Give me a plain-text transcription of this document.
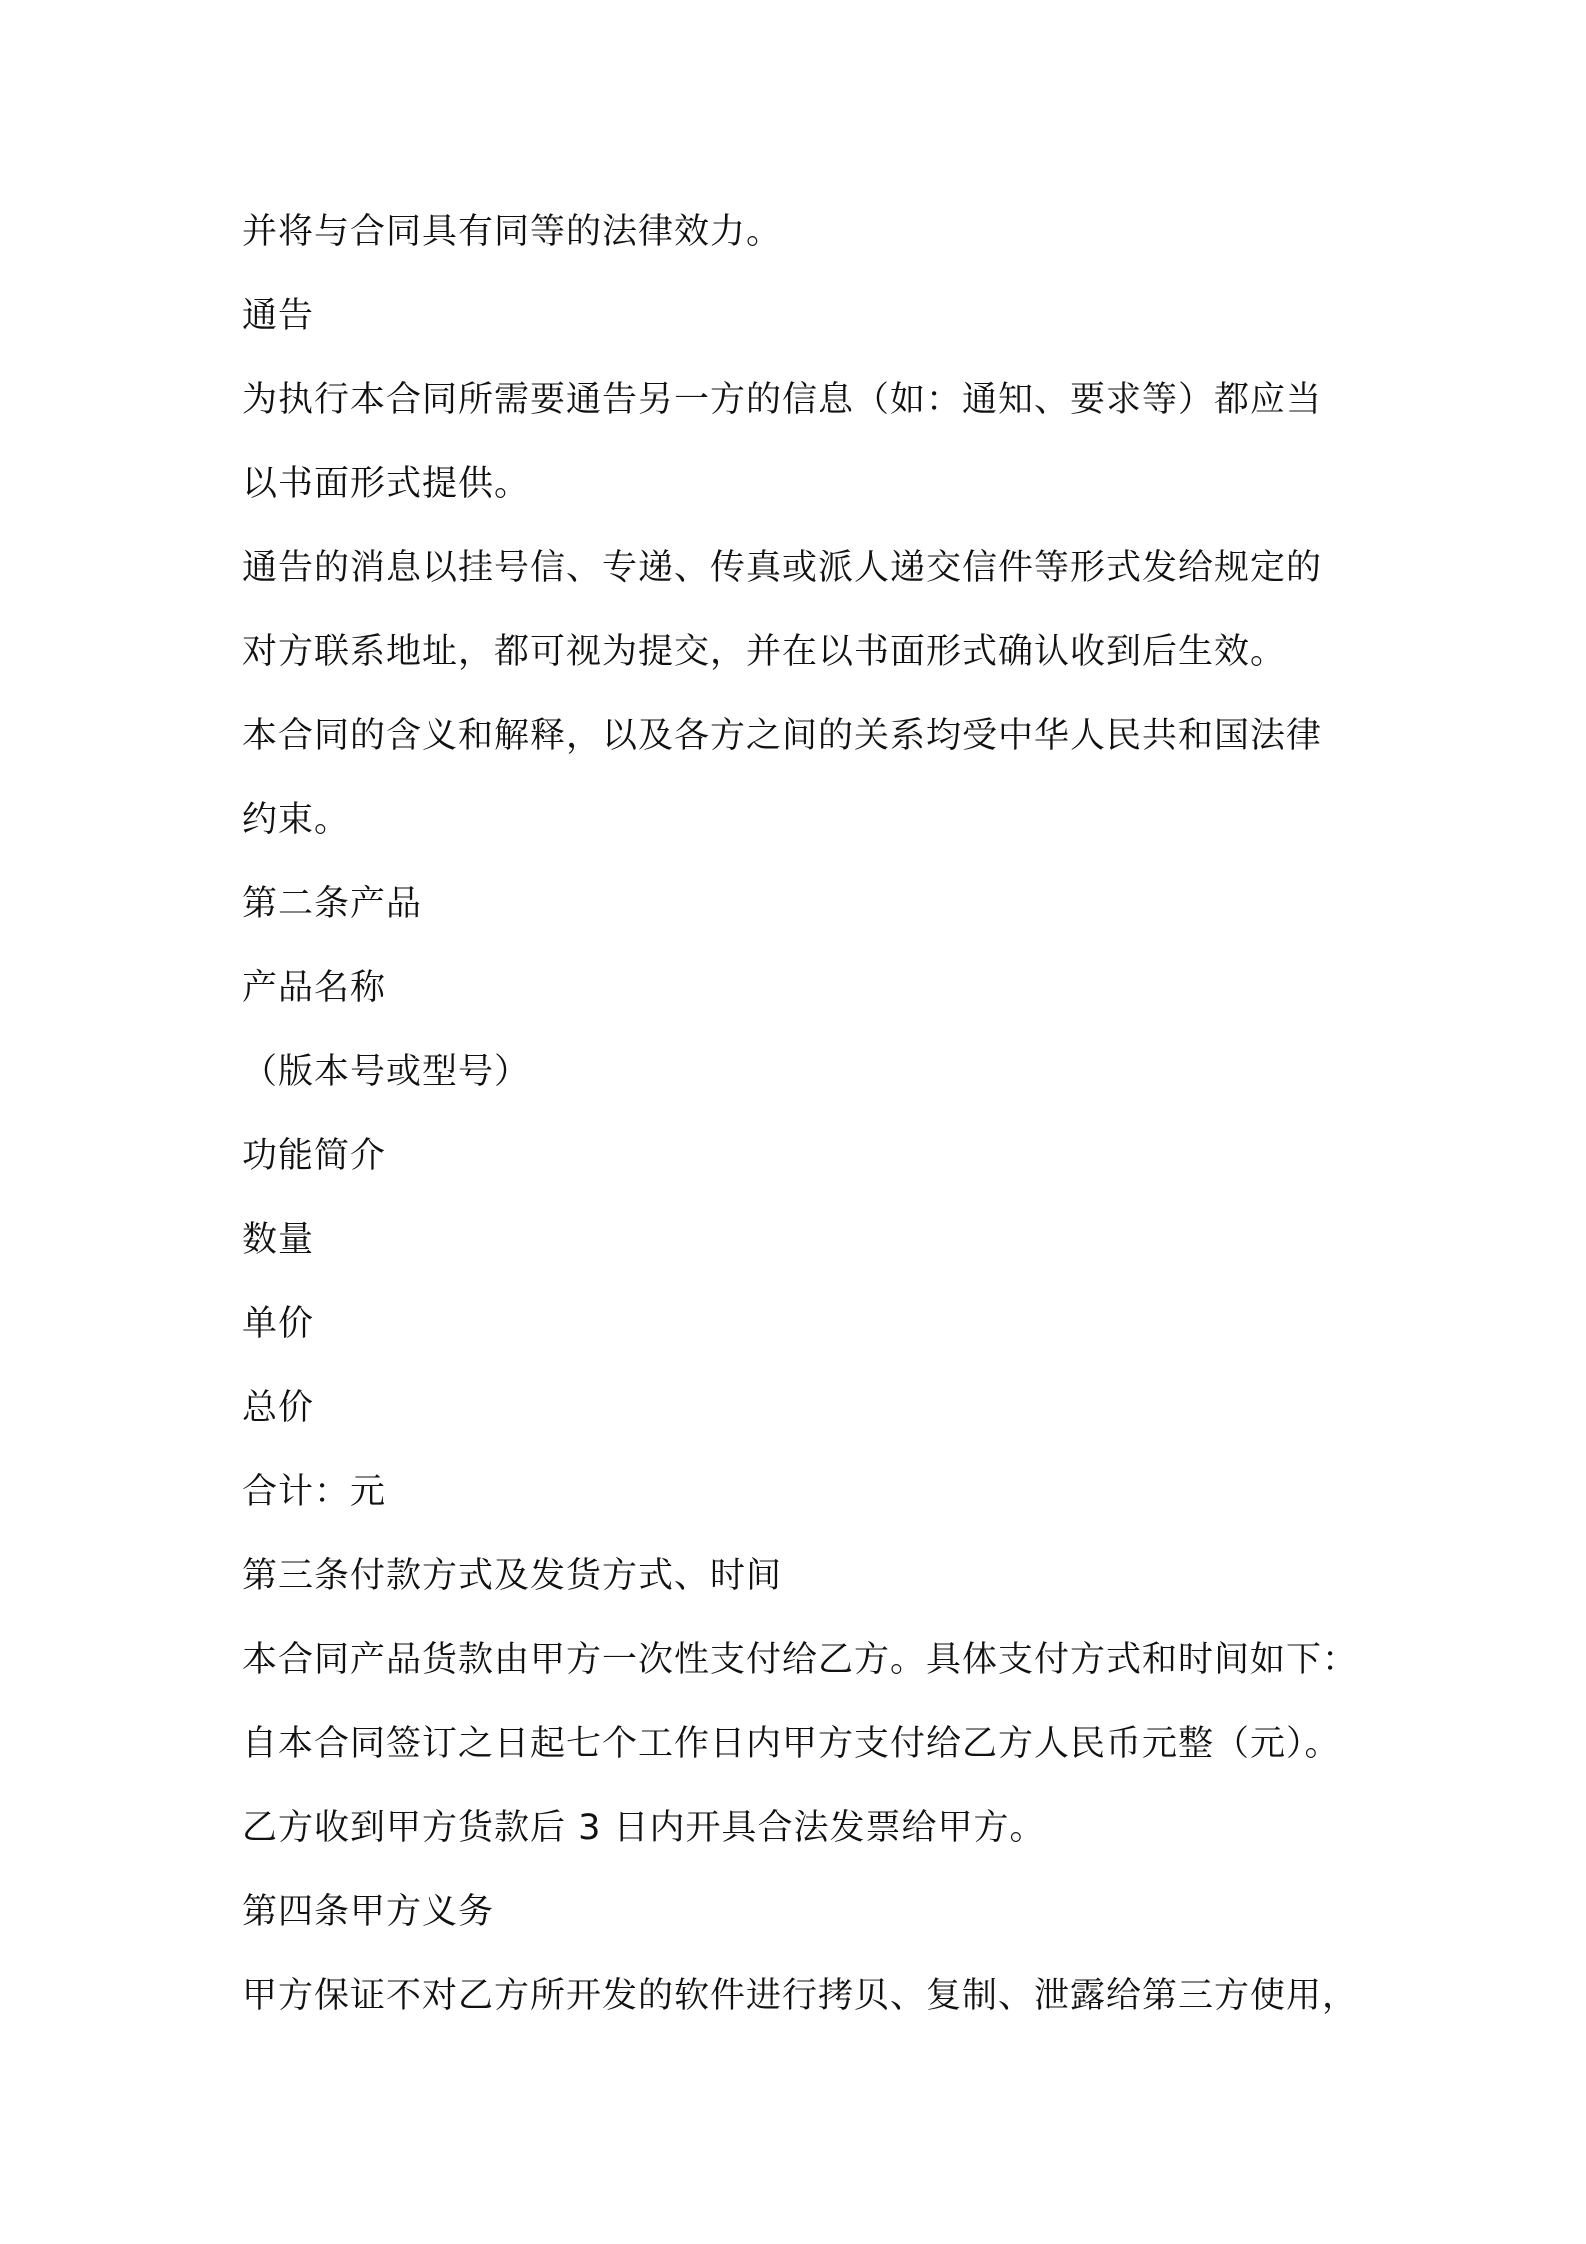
并将与合同具有同等的法律效力。

通告

为执行本合同所需要通告另一方的信息（如：通知、要求等）都应当

以书面形式提供。

通告的消息以挂号信、专递、传真或派人递交信件等形式发给规定的

对方联系地址，都可视为提交，并在以书面形式确认收到后生效。

本合同的含义和解释，以及各方之间的关系均受中华人民共和国法律

约束。

第二条产品

产品名称

（版本号或型号）

功能简介

数量

单价

总价

合计：元

第三条付款方式及发货方式、时间

本合同产品货款由甲方一次性支付给乙方。具体支付方式和时间如下：

自本合同签订之日起七个工作日内甲方支付给乙方人民币元整（元）。

乙方收到甲方货款后 3 日内开具合法发票给甲方。

第四条甲方义务

甲方保证不对乙方所开发的软件进行拷贝、复制、泄露给第三方使用，
